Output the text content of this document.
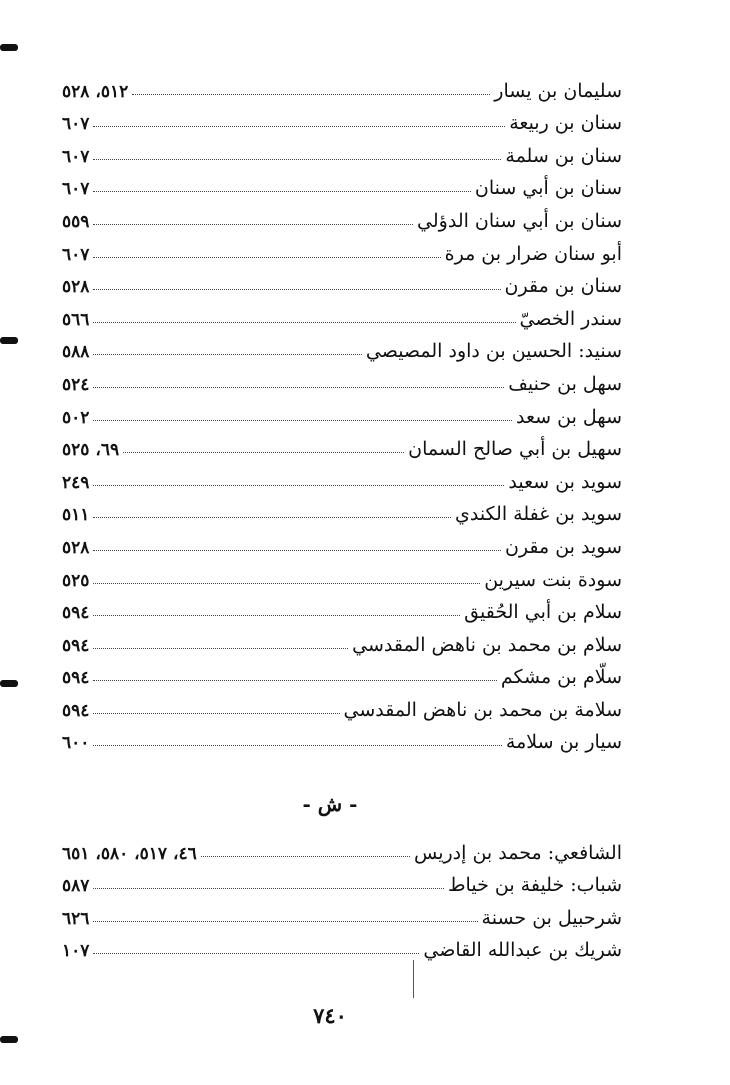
سليمان بن يسار
٥١٢، ٥٢٨
سنان بن ربيعة
٦٠٧
سنان بن سلمة
٦٠٧
سنان بن أبي سنان
٦٠٧
سنان بن أبي سنان الدؤلي
٥٥٩
أبو سنان ضرار بن مرة
٦٠٧
سنان بن مقرن
٥٢٨
سندر الخصيّ
٥٦٦
سنيد: الحسين بن داود المصيصي
٥٨٨
سهل بن حنيف
٥٢٤
سهل بن سعد
٥٠٢
سهيل بن أبي صالح السمان
٦٩، ٥٢٥
سويد بن سعيد
٢٤٩
سويد بن غفلة الكندي
٥١١
سويد بن مقرن
٥٢٨
سودة بنت سيرين
٥٢٥
سلام بن أبي الحُقيق
٥٩٤
سلام بن محمد بن ناهض المقدسي
٥٩٤
سلّام بن مشكم
٥٩٤
سلامة بن محمد بن ناهض المقدسي
٥٩٤
سيار بن سلامة
٦٠٠
- ش -
الشافعي: محمد بن إدريس
٤٦، ٥١٧، ٥٨٠، ٦٥١
شباب: خليفة بن خياط
٥٨٧
شرحبيل بن حسنة
٦٢٦
شريك بن عبدالله القاضي
١٠٧
٧٤٠
